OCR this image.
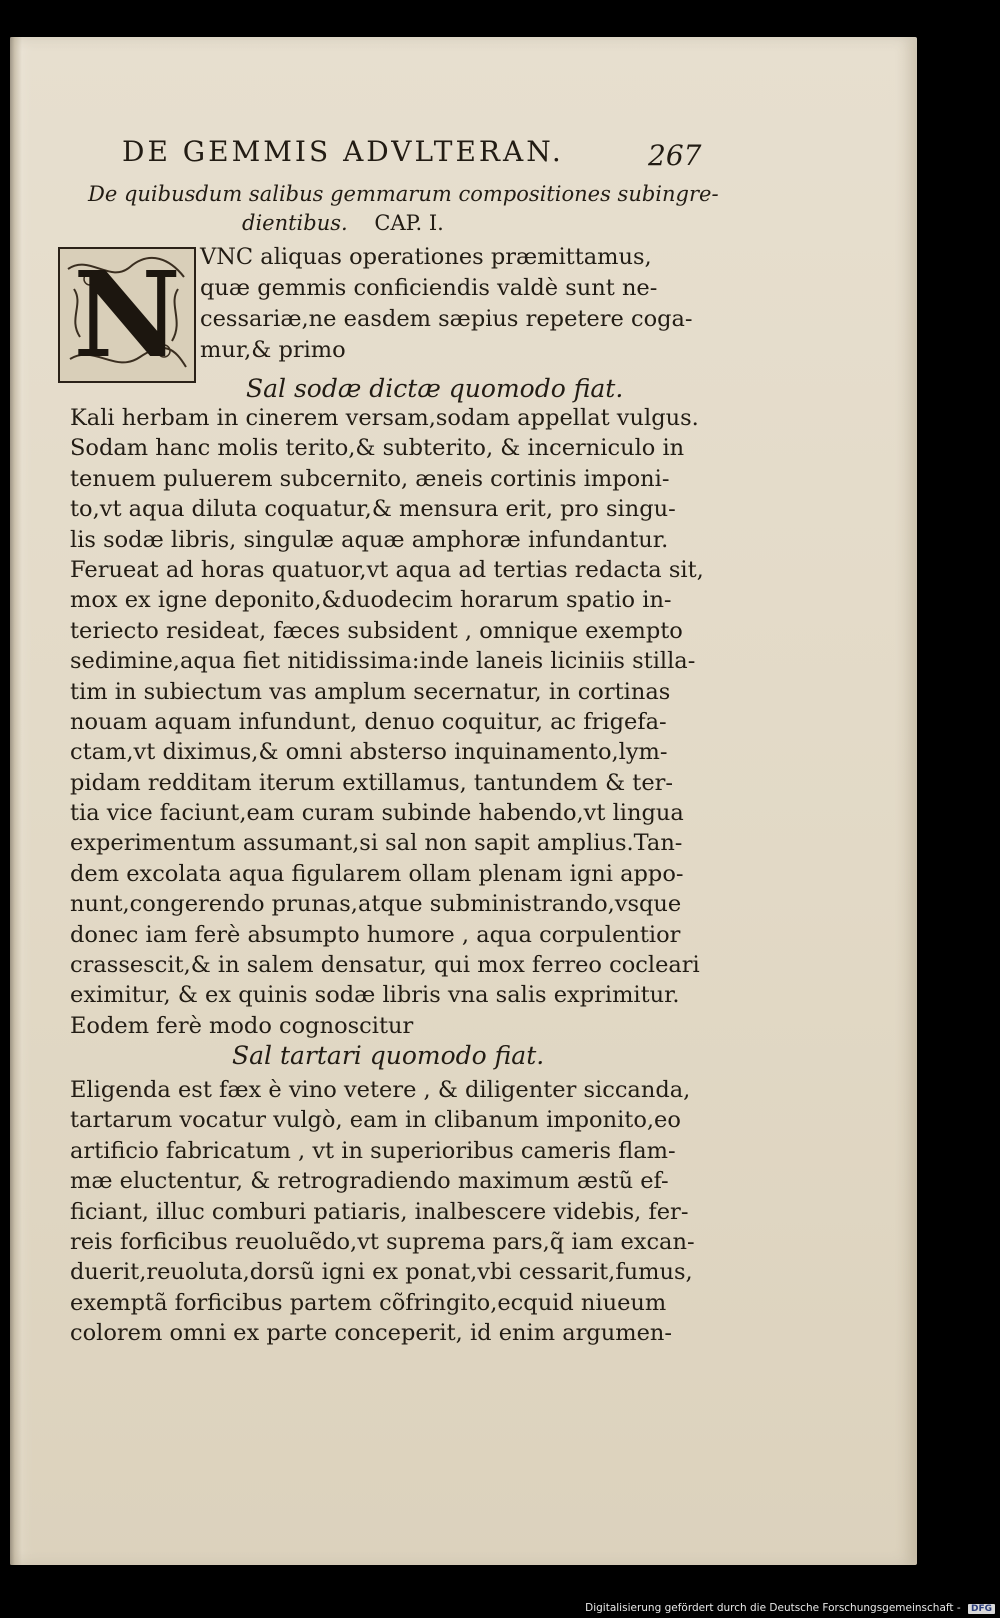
DE GEMMIS ADVLTERAN.	267
De quibusdum salibus gemmarum compositiones subingre-
dientibus. CAP. I.
N VNC aliquas operationes præmittamus,
quæ gemmis conficiendis valdè sunt ne-
cessariæ,ne easdem sæpius repetere coga-
mur,& primo
Sal sodæ dictæ quomodo fiat.
Kali herbam in cinerem versam,sodam appellat vulgus.
Sodam hanc molis terito,& subterito, & incerniculo in
tenuem puluerem subcernito, æneis cortinis imponi-
to,vt aqua diluta coquatur,& mensura erit, pro singu-
lis sodæ libris, singulæ aquæ amphoræ infundantur.
Ferueat ad horas quatuor,vt aqua ad tertias redacta sit,
mox ex igne deponito,&duodecim horarum spatio in-
teriecto resideat, fæces subsident , omnique exempto
sedimine,aqua fiet nitidissima:inde laneis liciniis stilla-
tim in subiectum vas amplum secernatur, in cortinas
nouam aquam infundunt, denuo coquitur, ac frigefa-
ctam,vt diximus,& omni absterso inquinamento,lym-
pidam redditam iterum extillamus, tantundem & ter-
tia vice faciunt,eam curam subinde habendo,vt lingua
experimentum assumant,si sal non sapit amplius.Tan-
dem excolata aqua figularem ollam plenam igni appo-
nunt,congerendo prunas,atque subministrando,vsque
donec iam ferè absumpto humore , aqua corpulentior
crassescit,& in salem densatur, qui mox ferreo cocleari
eximitur, & ex quinis sodæ libris vna salis exprimitur.
Eodem ferè modo cognoscitur
Sal tartari quomodo fiat.
Eligenda est fæx è vino vetere , & diligenter siccanda,
tartarum vocatur vulgò, eam in clibanum imponito,eo
artificio fabricatum , vt in superioribus cameris flam-
mæ eluctentur, & retrogradiendo maximum æstũ ef-
ficiant, illuc comburi patiaris, inalbescere videbis, fer-
reis forficibus reuoluẽdo,vt suprema pars,q̃ iam excan-
duerit,reuoluta,dorsũ igni ex ponat,vbi cessarit,fumus,
exemptã forficibus partem cõfringito,ecquid niueum
colorem omni ex parte conceperit, id enim argumen-
Digitalisierung gefördert durch die Deutsche Forschungsgemeinschaft - DFG
